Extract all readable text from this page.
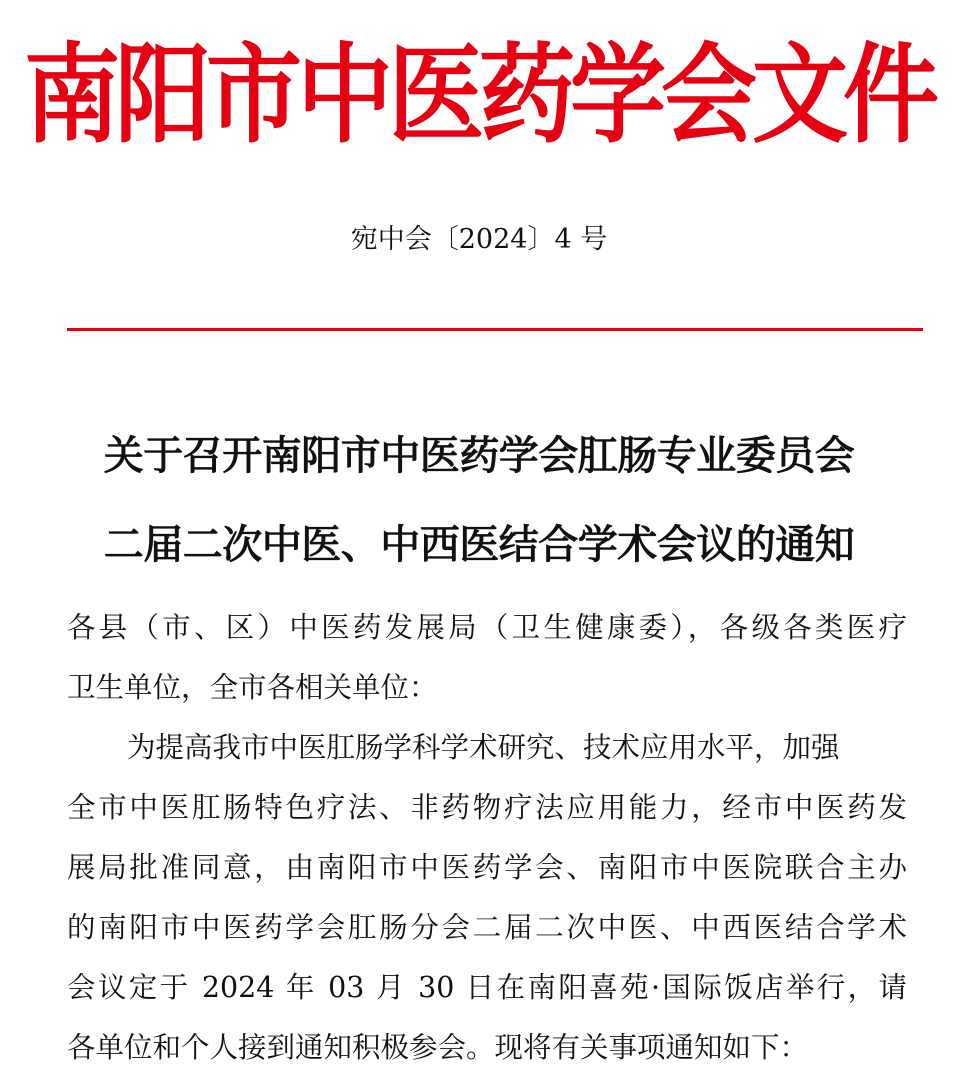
南阳市中医药学会文件
宛中会〔2024〕4 号
关于召开南阳市中医药学会肛肠专业委员会
二届二次中医、中西医结合学术会议的通知
各县（市、区）中医药发展局（卫生健康委），各级各类医疗
卫生单位，全市各相关单位：
为提高我市中医肛肠学科学术研究、技术应用水平，加强
全市中医肛肠特色疗法、非药物疗法应用能力，经市中医药发
展局批准同意，由南阳市中医药学会、南阳市中医院联合主办
的南阳市中医药学会肛肠分会二届二次中医、中西医结合学术
会议定于 2024 年 03 月 30 日在南阳喜苑·国际饭店举行，请
各单位和个人接到通知积极参会。现将有关事项通知如下：
